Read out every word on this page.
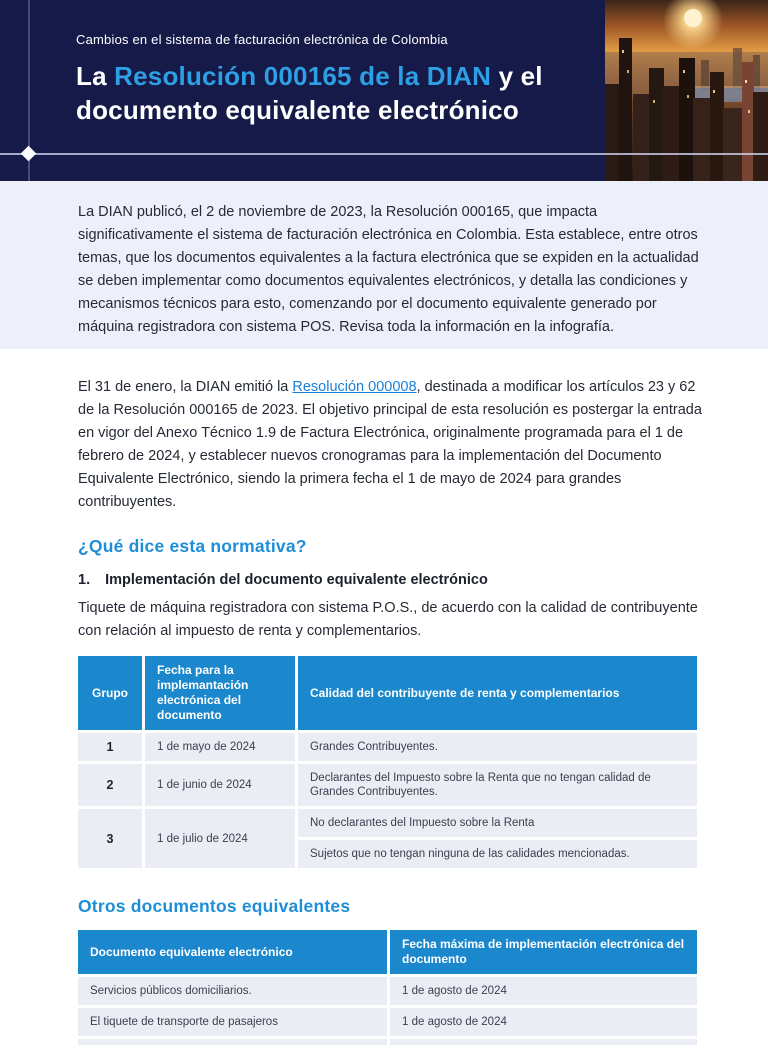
Cambios en el sistema de facturación electrónica de Colombia
La Resolución 000165 de la DIAN y el
documento equivalente electrónico

La DIAN publicó, el 2 de noviembre de 2023, la Resolución 000165, que impacta significativamente el sistema de facturación electrónica en Colombia. Esta establece, entre otros temas, que los documentos equivalentes a la factura electrónica que se expiden en la actualidad se deben implementar como documentos equivalentes electrónicos, y detalla las condiciones y mecanismos técnicos para esto, comenzando por el documento equivalente generado por máquina registradora con sistema POS. Revisa toda la información en la infografía.

El 31 de enero, la DIAN emitió la Resolución 000008, destinada a modificar los artículos 23 y 62 de la Resolución 000165 de 2023. El objetivo principal de esta resolución es postergar la entrada en vigor del Anexo Técnico 1.9 de Factura Electrónica, originalmente programada para el 1 de febrero de 2024, y establecer nuevos cronogramas para la implementación del Documento Equivalente Electrónico, siendo la primera fecha el 1 de mayo de 2024 para grandes contribuyentes.

¿Qué dice esta normativa?
1. Implementación del documento equivalente electrónico

Tiquete de máquina registradora con sistema P.O.S., de acuerdo con la calidad de contribuyente con relación al impuesto de renta y complementarios.

Grupo	Fecha para la implemantación electrónica del documento	Calidad del contribuyente de renta y complementarios
1	1 de mayo de 2024	Grandes Contribuyentes.
2	1 de junio de 2024	Declarantes del Impuesto sobre la Renta que no tengan calidad de Grandes Contribuyentes.
3	1 de julio de 2024	No declarantes del Impuesto sobre la Renta
		Sujetos que no tengan ninguna de las calidades mencionadas.
Otros documentos equivalentes
Documento equivalente electrónico	Fecha máxima de implementación electrónica del documento
Servicios públicos domiciliarios.	1 de agosto de 2024
El tiquete de transporte de pasajeros	1 de agosto de 2024
